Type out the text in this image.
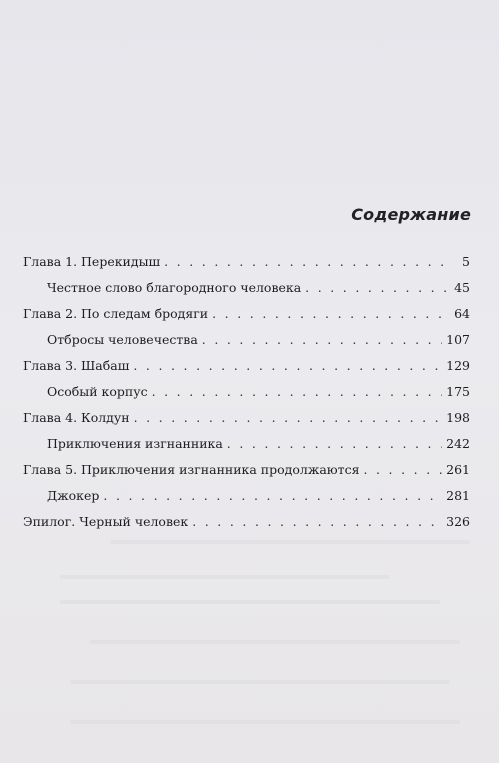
Содержание
Глава 1. Перекидыш . . .	5
Честное слово благородного человека . . .	45
Глава 2. По следам бродяги . . .	64
Отбросы человечества . . .	107
Глава 3. Шабаш . . .	129
Особый корпус . . .	175
Глава 4. Колдун . . .	198
Приключения изгнанника . . .	242
Глава 5. Приключения изгнанника продолжаются . . .	261
Джокер . . .	281
Эпилог. Черный человек . . .	326
